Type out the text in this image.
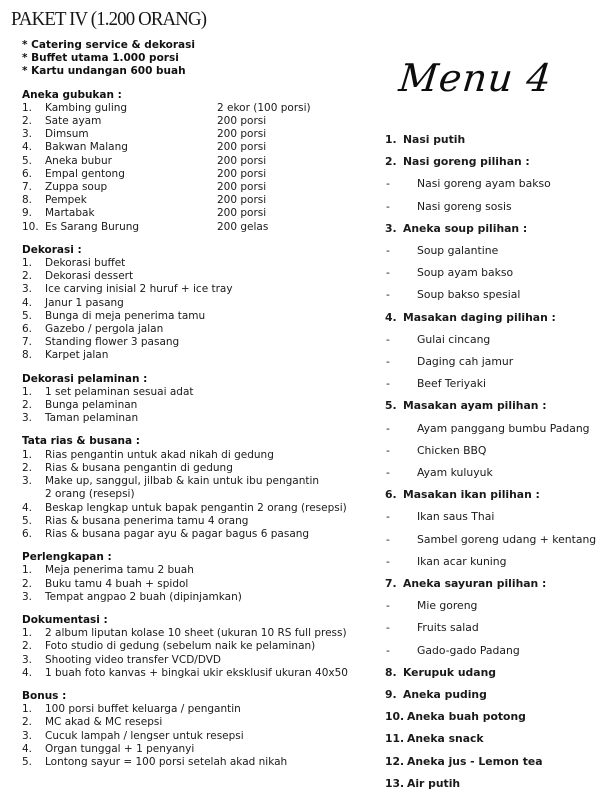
PAKET IV (1.200 ORANG)
* Catering service & dekorasi
* Buffet utama 1.000 porsi
* Kartu undangan 600 buah
Aneka gubukan :
1.	Kambing guling	2 ekor (100 porsi)
2.	Sate ayam	200 porsi
3.	Dimsum	200 porsi
4.	Bakwan Malang	200 porsi
5.	Aneka bubur	200 porsi
6.	Empal gentong	200 porsi
7.	Zuppa soup	200 porsi
8.	Pempek	200 porsi
9.	Martabak	200 porsi
10. Es Sarang Burung	200 gelas
Dekorasi :
1.	Dekorasi buffet
2.	Dekorasi dessert
3.	Ice carving inisial 2 huruf + ice tray
4.	Janur 1 pasang
5.	Bunga di meja penerima tamu
6.	Gazebo / pergola jalan
7.	Standing flower 3 pasang
8.	Karpet jalan
Dekorasi pelaminan :
1.	1 set pelaminan sesuai adat
2.	Bunga pelaminan
3.	Taman pelaminan
Tata rias & busana :
1.	Rias pengantin untuk akad nikah di gedung
2.	Rias & busana pengantin di gedung
3.	Make up, sanggul, jilbab & kain untuk ibu pengantin
2 orang (resepsi)
4.	Beskap lengkap untuk bapak pengantin 2 orang (resepsi)
5.	Rias & busana penerima tamu 4 orang
6.	Rias & busana pagar ayu & pagar bagus 6 pasang
Perlengkapan :
1.	Meja penerima tamu 2 buah
2.	Buku tamu 4 buah + spidol
3.	Tempat angpao 2 buah (dipinjamkan)
Dokumentasi :
1.	2 album liputan kolase 10 sheet (ukuran 10 RS full press)
2.	Foto studio di gedung (sebelum naik ke pelaminan)
3.	Shooting video transfer VCD/DVD
4.	1 buah foto kanvas + bingkai ukir eksklusif ukuran 40x50
Bonus :
1.	100 porsi buffet keluarga / pengantin
2.	MC akad & MC resepsi
3.	Cucuk lampah / lengser untuk resepsi
4.	Organ tunggal + 1 penyanyi
5.	Lontong sayur = 100 porsi setelah akad nikah
Menu 4
1. Nasi putih
2. Nasi goreng pilihan :
-	Nasi goreng ayam bakso
-	Nasi goreng sosis
3. Aneka soup pilihan :
-	Soup galantine
-	Soup ayam bakso
-	Soup bakso spesial
4. Masakan daging pilihan :
-	Gulai cincang
-	Daging cah jamur
-	Beef Teriyaki
5. Masakan ayam pilihan :
-	Ayam panggang bumbu Padang
-	Chicken BBQ
-	Ayam kuluyuk
6. Masakan ikan pilihan :
-	Ikan saus Thai
-	Sambel goreng udang + kentang
-	Ikan acar kuning
7. Aneka sayuran pilihan :
-	Mie goreng
-	Fruits salad
-	Gado-gado Padang
8. Kerupuk udang
9. Aneka puding
10. Aneka buah potong
11. Aneka snack
12. Aneka jus - Lemon tea
13. Air putih
